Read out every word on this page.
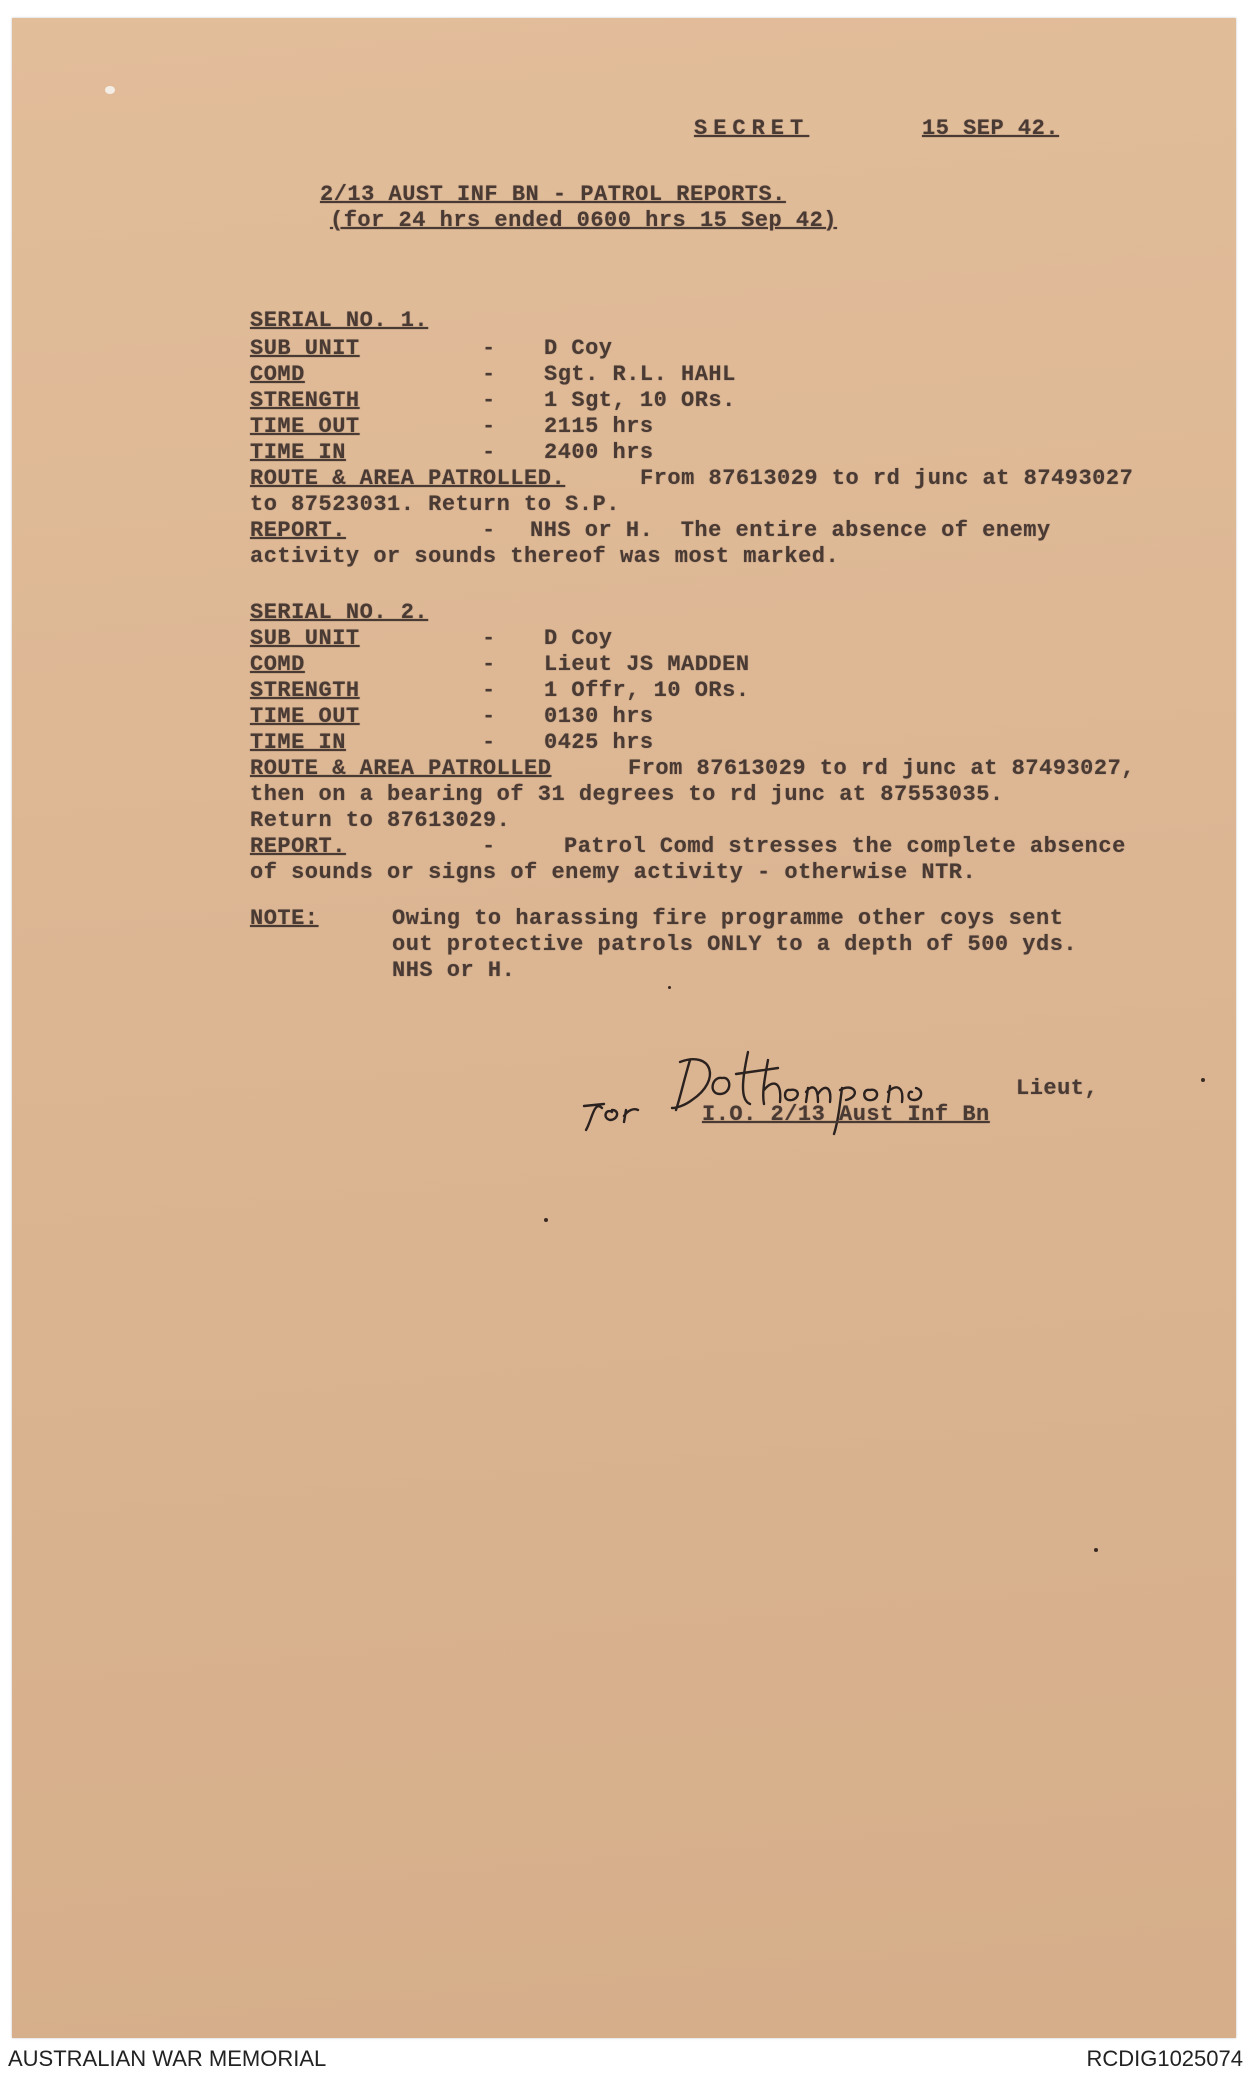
SECRET	15 SEP 42.
2/13 AUST INF BN - PATROL REPORTS.
(for 24 hrs ended 0600 hrs 15 Sep 42)
SERIAL NO. 1.
SUB UNIT	- D Coy
COMD	- Sgt. R.L. HAHL
STRENGTH	- 1 Sgt, 10 ORs.
TIME OUT	- 2115 hrs
TIME IN	- 2400 hrs
ROUTE & AREA PATROLLED.	From 87613029 to rd junc at 87493027
to 87523031. Return to S.P.
REPORT.	- NHS or H.  The entire absence of enemy
activity or sounds thereof was most marked.
SERIAL NO. 2.
SUB UNIT	- D Coy
COMD	- Lieut JS MADDEN
STRENGTH	- 1 Offr, 10 ORs.
TIME OUT	- 0130 hrs
TIME IN	- 0425 hrs
ROUTE & AREA PATROLLED	From 87613029 to rd junc at 87493027,
then on a bearing of 31 degrees to rd junc at 87553035.
Return to 87613029.
REPORT.	-	Patrol Comd stresses the complete absence
of sounds or signs of enemy activity - otherwise NTR.
NOTE:	Owing to harassing fire programme other coys sent
out protective patrols ONLY to a depth of 500 yds.
NHS or H.
Lieut,
I.O. 2/13 Aust Inf Bn
AUSTRALIAN WAR MEMORIAL	RCDIG1025074
